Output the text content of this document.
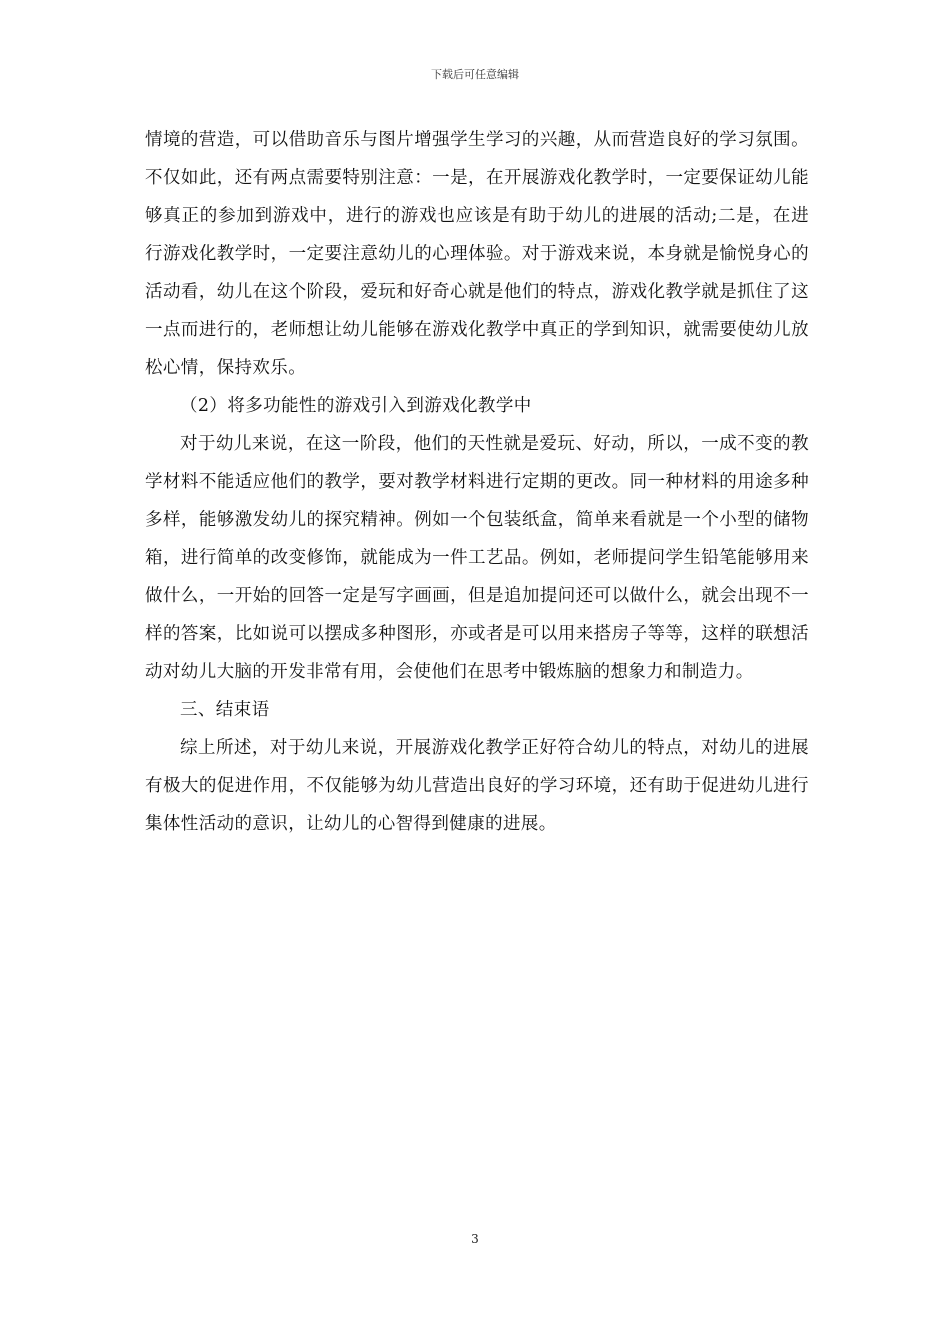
下载后可任意编辑

情境的营造，可以借助音乐与图片增强学生学习的兴趣，从而营造良好的学习氛围。不仅如此，还有两点需要特别注意：一是，在开展游戏化教学时，一定要保证幼儿能够真正的参加到游戏中，进行的游戏也应该是有助于幼儿的进展的活动;二是，在进行游戏化教学时，一定要注意幼儿的心理体验。对于游戏来说，本身就是愉悦身心的活动看，幼儿在这个阶段，爱玩和好奇心就是他们的特点，游戏化教学就是抓住了这一点而进行的，老师想让幼儿能够在游戏化教学中真正的学到知识，就需要使幼儿放松心情，保持欢乐。

（2）将多功能性的游戏引入到游戏化教学中

对于幼儿来说，在这一阶段，他们的天性就是爱玩、好动，所以，一成不变的教学材料不能适应他们的教学，要对教学材料进行定期的更改。同一种材料的用途多种多样，能够激发幼儿的探究精神。例如一个包装纸盒，简单来看就是一个小型的储物箱，进行简单的改变修饰，就能成为一件工艺品。例如，老师提问学生铅笔能够用来做什么，一开始的回答一定是写字画画，但是追加提问还可以做什么，就会出现不一样的答案，比如说可以摆成多种图形，亦或者是可以用来搭房子等等，这样的联想活动对幼儿大脑的开发非常有用，会使他们在思考中锻炼脑的想象力和制造力。

三、结束语

综上所述，对于幼儿来说，开展游戏化教学正好符合幼儿的特点，对幼儿的进展有极大的促进作用，不仅能够为幼儿营造出良好的学习环境，还有助于促进幼儿进行集体性活动的意识，让幼儿的心智得到健康的进展。

3
